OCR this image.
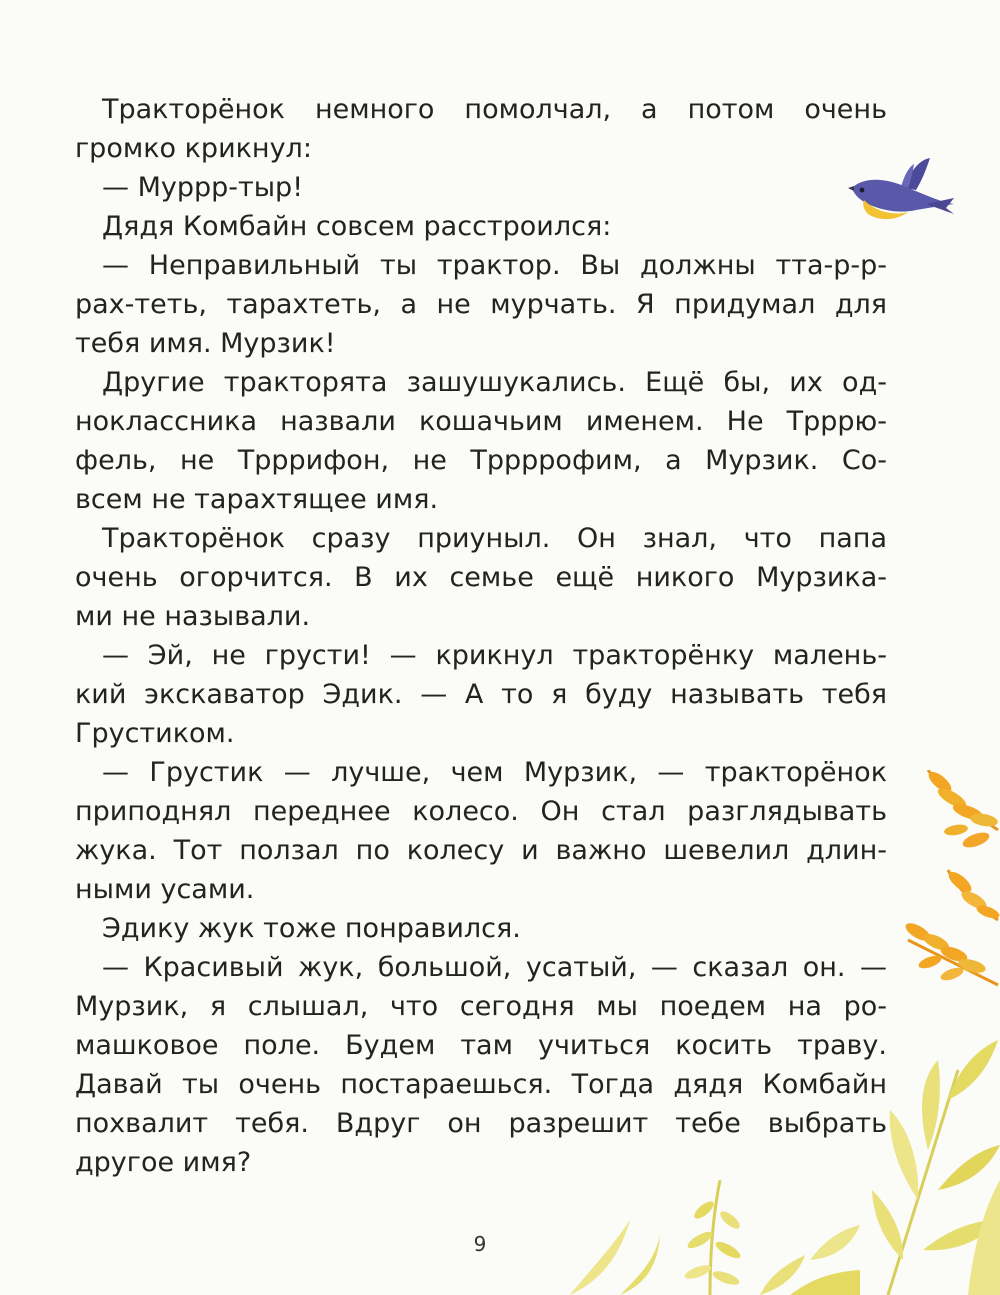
Тракторёнок немного помолчал, а потом очень
громко крикнул:
— Муррр-тыр!
Дядя Комбайн совсем расстроился:
— Неправильный ты трактор. Вы должны тта-р-р-
рах-теть, тарахтеть, а не мурчать. Я придумал для
тебя имя. Мурзик!
Другие тракторята зашушукались. Ещё бы, их од-
ноклассника назвали кошачьим именем. Не Трррю-
фель, не Трррифон, не Тррррофим, а Мурзик. Со-
всем не тарахтящее имя.
Тракторёнок сразу приуныл. Он знал, что папа
очень огорчится. В их семье ещё никого Мурзика-
ми не называли.
— Эй, не грусти! — крикнул тракторёнку малень-
кий экскаватор Эдик. — А то я буду называть тебя
Грустиком.
— Грустик — лучше, чем Мурзик, — тракторёнок
приподнял переднее колесо. Он стал разглядывать
жука. Тот ползал по колесу и важно шевелил длин-
ными усами.
Эдику жук тоже понравился.
— Красивый жук, большой, усатый, — сказал он. —
Мурзик, я слышал, что сегодня мы поедем на ро-
машковое поле. Будем там учиться косить траву.
Давай ты очень постараешься. Тогда дядя Комбайн
похвалит тебя. Вдруг он разрешит тебе выбрать
другое имя?
9
